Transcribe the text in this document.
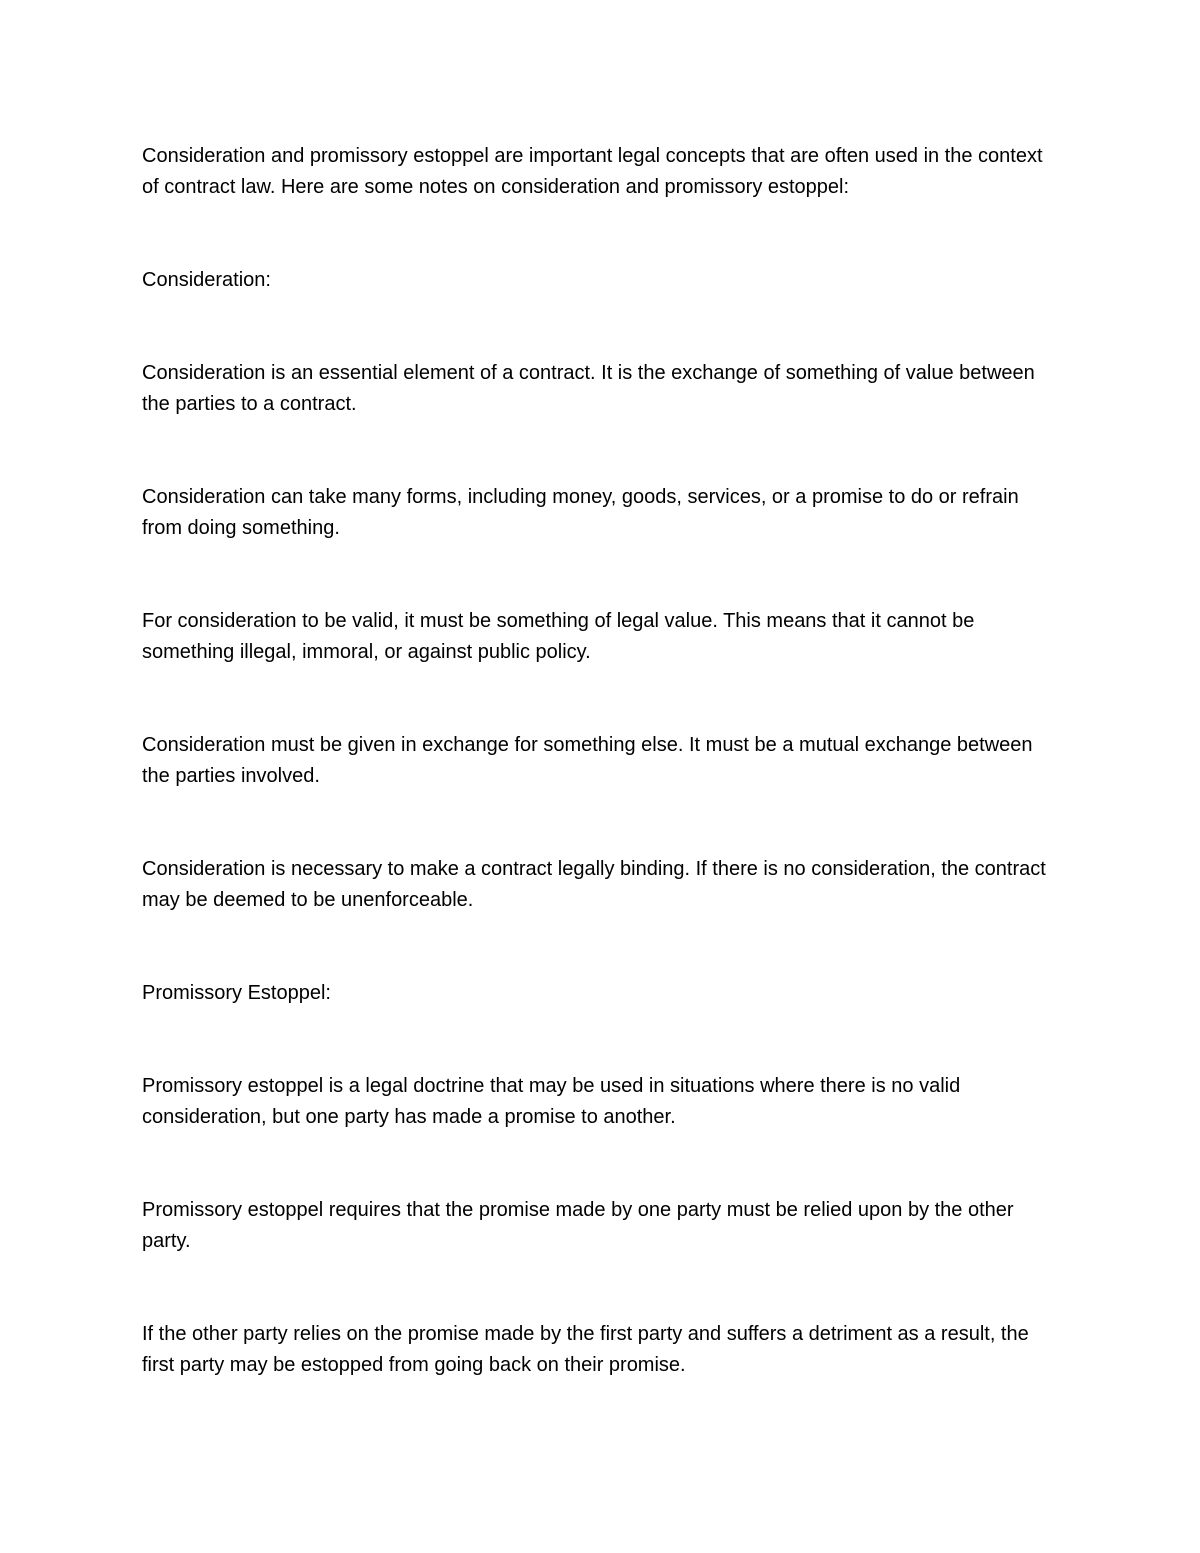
Consideration and promissory estoppel are important legal concepts that are often used in the context of contract law. Here are some notes on consideration and promissory estoppel:

Consideration:

Consideration is an essential element of a contract. It is the exchange of something of value between the parties to a contract.

Consideration can take many forms, including money, goods, services, or a promise to do or refrain from doing something.

For consideration to be valid, it must be something of legal value. This means that it cannot be something illegal, immoral, or against public policy.

Consideration must be given in exchange for something else. It must be a mutual exchange between the parties involved.

Consideration is necessary to make a contract legally binding. If there is no consideration, the contract may be deemed to be unenforceable.

Promissory Estoppel:

Promissory estoppel is a legal doctrine that may be used in situations where there is no valid consideration, but one party has made a promise to another.

Promissory estoppel requires that the promise made by one party must be relied upon by the other party.

If the other party relies on the promise made by the first party and suffers a detriment as a result, the first party may be estopped from going back on their promise.
